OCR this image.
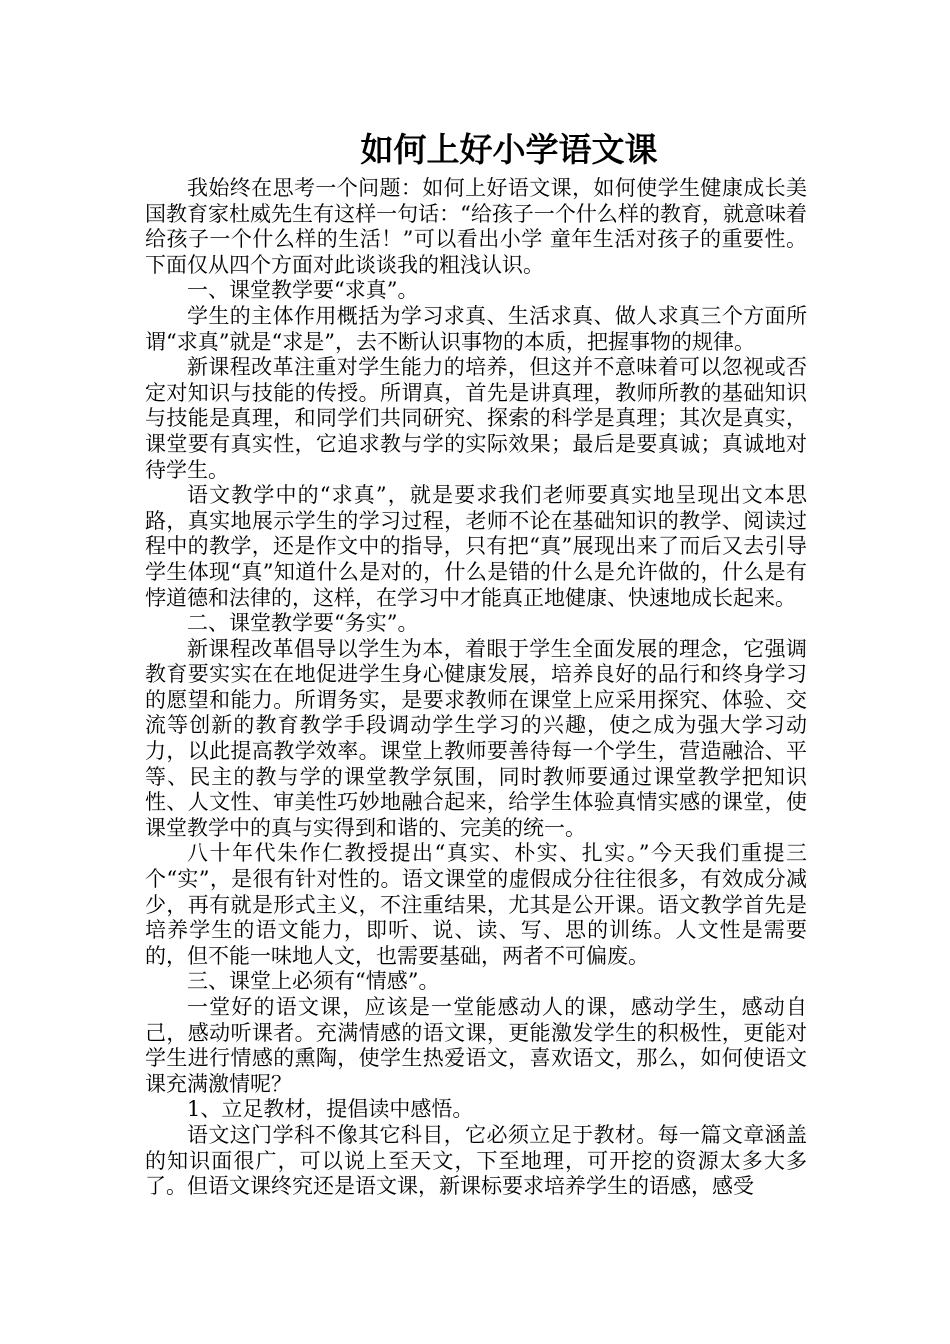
如何上好小学语文课

我始终在思考一个问题：如何上好语文课，如何使学生健康成长美国教育家杜威先生有这样一句话：“给孩子一个什么样的教育，就意味着给孩子一个什么样的生活！”可以看出小学 童年生活对孩子的重要性。下面仅从四个方面对此谈谈我的粗浅认识。

一、课堂教学要“求真”。

学生的主体作用概括为学习求真、生活求真、做人求真三个方面所谓“求真”就是“求是”，去不断认识事物的本质，把握事物的规律。

新课程改革注重对学生能力的培养，但这并不意味着可以忽视或否定对知识与技能的传授。所谓真，首先是讲真理，教师所教的基础知识与技能是真理，和同学们共同研究、探索的科学是真理；其次是真实，课堂要有真实性，它追求教与学的实际效果；最后是要真诚；真诚地对待学生。

语文教学中的“求真”，就是要求我们老师要真实地呈现出文本思路，真实地展示学生的学习过程，老师不论在基础知识的教学、阅读过程中的教学，还是作文中的指导，只有把“真”展现出来了而后又去引导学生体现“真”知道什么是对的，什么是错的什么是允许做的，什么是有悖道德和法律的，这样，在学习中才能真正地健康、快速地成长起来。

二、课堂教学要“务实”。

新课程改革倡导以学生为本，着眼于学生全面发展的理念，它强调教育要实实在在地促进学生身心健康发展，培养良好的品行和终身学习的愿望和能力。所谓务实，是要求教师在课堂上应采用探究、体验、交流等创新的教育教学手段调动学生学习的兴趣，使之成为强大学习动力，以此提高教学效率。课堂上教师要善待每一个学生，营造融洽、平等、民主的教与学的课堂教学氛围，同时教师要通过课堂教学把知识性、人文性、审美性巧妙地融合起来，给学生体验真情实感的课堂，使课堂教学中的真与实得到和谐的、完美的统一。

八十年代朱作仁教授提出“真实、朴实、扎实。”今天我们重提三个“实”，是很有针对性的。语文课堂的虚假成分往往很多，有效成分减少，再有就是形式主义，不注重结果，尤其是公开课。语文教学首先是培养学生的语文能力，即听、说、读、写、思的训练。人文性是需要的，但不能一味地人文，也需要基础，两者不可偏废。

三、课堂上必须有“情感”。

一堂好的语文课，应该是一堂能感动人的课，感动学生，感动自己，感动听课者。充满情感的语文课，更能激发学生的积极性，更能对学生进行情感的熏陶，使学生热爱语文，喜欢语文，那么，如何使语文课充满激情呢？

1、立足教材，提倡读中感悟。

语文这门学科不像其它科目，它必须立足于教材。每一篇文章涵盖的知识面很广，可以说上至天文，下至地理，可开挖的资源太多大多了。但语文课终究还是语文课，新课标要求培养学生的语感，感受
